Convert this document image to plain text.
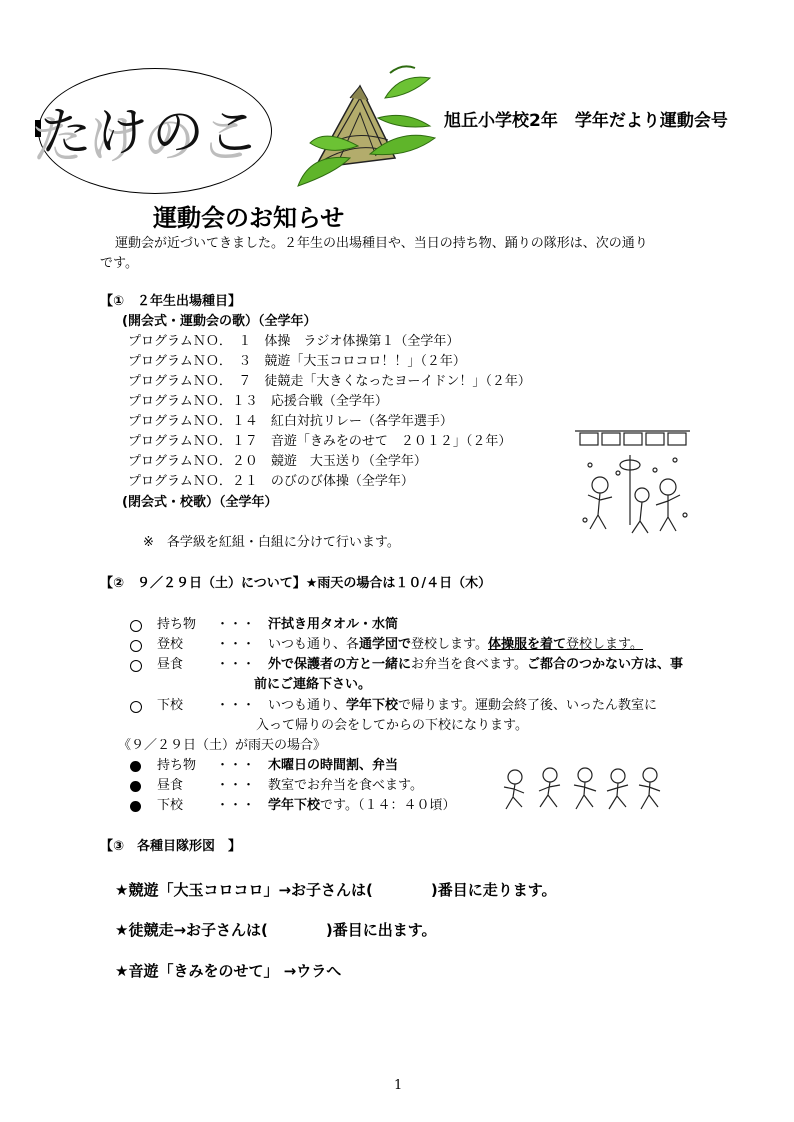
たけのこ	旭丘小学校2年　学年だより運動会号
運動会のお知らせ
運動会が近づいてきました。２年生の出場種目や、当日の持ち物、踊りの隊形は、次の通り
です。
【①　２年生出場種目】
(開会式・運動会の歌）（全学年）
プログラムＮＯ．　１　体操　ラジオ体操第１（全学年）
プログラムＮＯ．　３　競遊「大玉コロコロ！！」（２年）
プログラムＮＯ．　７　徒競走「大きくなったヨーイドン！」（２年）
プログラムＮＯ．１３　応援合戦（全学年）
プログラムＮＯ．１４　紅白対抗リレー（各学年選手）
プログラムＮＯ．１７　音遊「きみをのせて　２０１２」（２年）
プログラムＮＯ．２０　競遊　大玉送り（全学年）
プログラムＮＯ．２１　のびのび体操（全学年）
(閉会式・校歌）（全学年）
※　各学級を紅組・白組に分けて行います。
【②　９／２９日（土）について】★雨天の場合は１０/４日（木）
持ち物 ・・・ 汗拭き用タオル・水筒
登校	・・・ いつも通り、各通学団で登校します。体操服を着て登校します。
昼食	・・・ 外で保護者の方と一緒にお弁当を食べます。ご都合のつかない方は、事
前にご連絡下さい。
下校	・・・ いつも通り、学年下校で帰ります。運動会終了後、いったん教室に
入って帰りの会をしてからの下校になります。
《９／２９日（土）が雨天の場合》
持ち物 ・・・ 木曜日の時間割、弁当
昼食	・・・ 教室でお弁当を食べます。
下校	・・・ 学年下校です。（１４：４０頃）
【③　各種目隊形図　】
★競遊「大玉コロコロ」→お子さんは(	)番目に走ります。
★徒競走→お子さんは(	)番目に出ます。
★音遊「きみをのせて」 →ウラへ
1
